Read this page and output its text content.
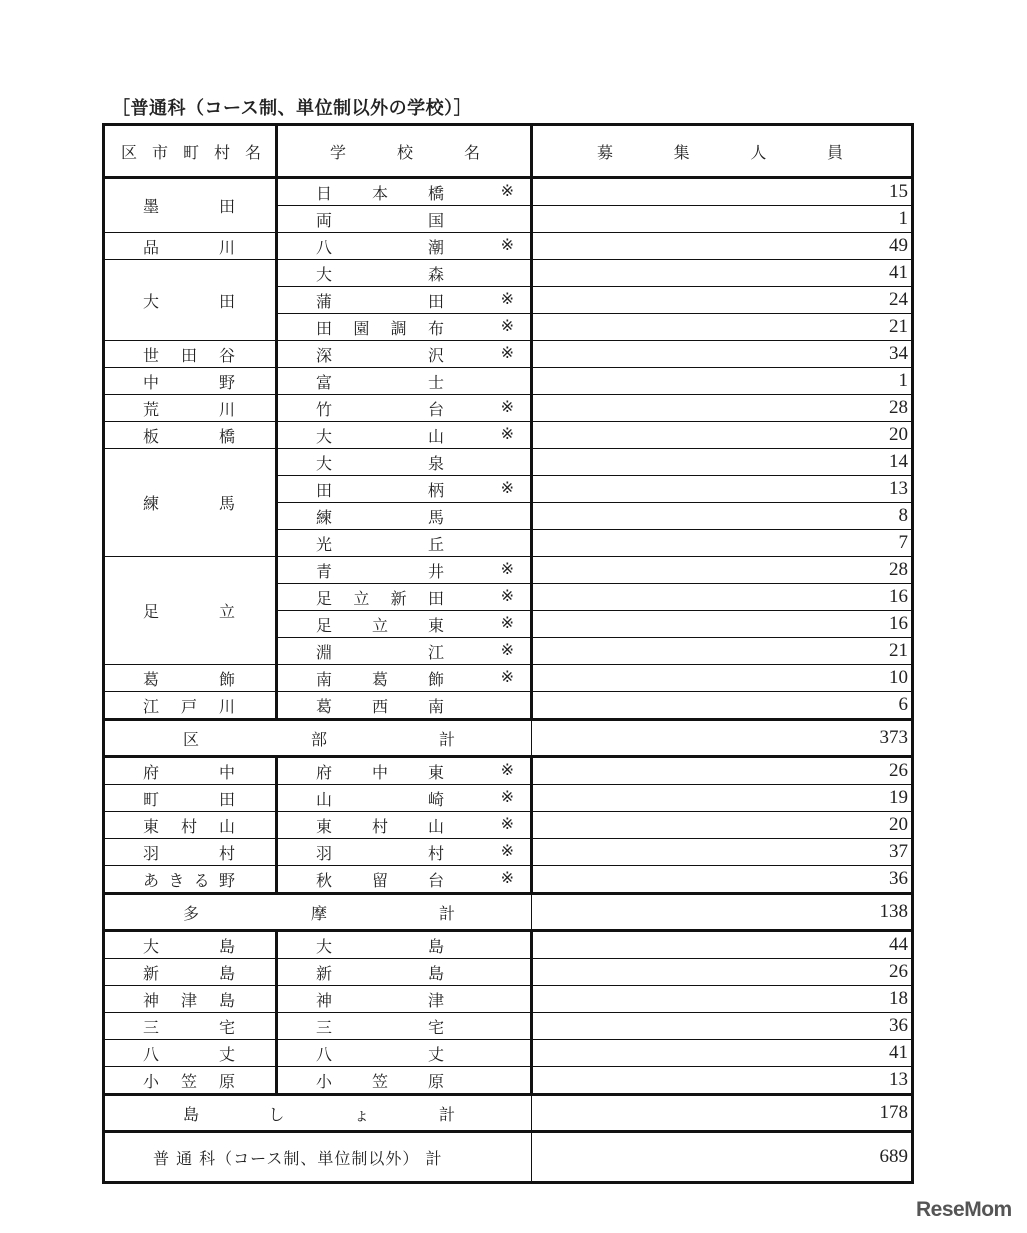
［普通科（コース制、単位制以外の学校）］
区市町村名	学校名	募集人員
墨田	日本橋 ※	15
	両国	1
品川	八潮 ※	49
大田	大森	41
	蒲田 ※	24
	田園調布 ※	21
世田谷	深沢 ※	34
中野	富士	1
荒川	竹台 ※	28
板橋	大山 ※	20
練馬	大泉	14
	田柄 ※	13
	練馬	8
	光丘	7
足立	青井 ※	28
	足立新田 ※	16
	足立東 ※	16
	淵江 ※	21
葛飾	南葛飾 ※	10
江戸川	葛西南	6
区部計		373
府中	府中東 ※	26
町田	山崎 ※	19
東村山	東村山 ※	20
羽村	羽村 ※	37
あきる野	秋留台 ※	36
多摩計		138
大島	大島	44
新島	新島	26
神津島	神津	18
三宅	三宅	36
八丈	八丈	41
小笠原	小笠原	13
島しょ計		178

普 通 科（コース制、単位制以外） 計		689
ReseMom
